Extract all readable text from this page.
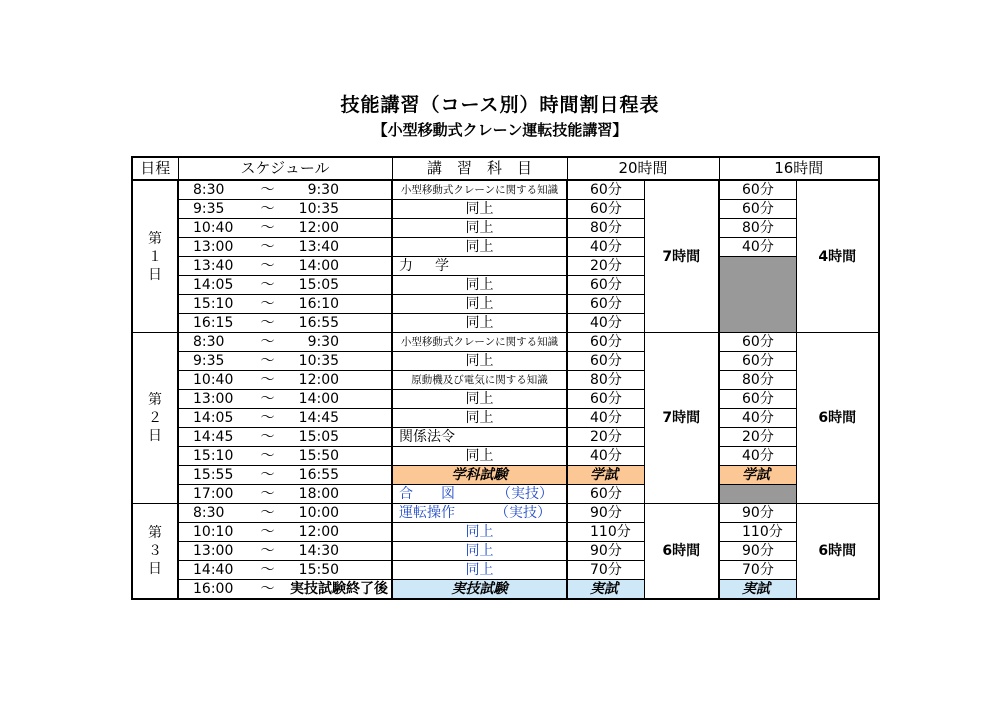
技能講習（コース別）時間割日程表
【小型移動式クレーン運転技能講習】
日程	スケジュール			講　習　科　目	20時間		16時間	
第１日	8:30	～	9:30	小型移動式クレーンに関する知識	60分	7時間	60分	4時間
	9:35	～	10:35	同上	60分		60分	
	10:40	～	12:00	同上	80分		80分	
	13:00	～	13:40	同上	40分		40分	
	13:40	～	14:00	力 学	20分			
	14:05	～	15:05	同上	60分			
	15:10	～	16:10	同上	60分			
	16:15	～	16:55	同上	40分			
第２日	8:30	～	9:30	小型移動式クレーンに関する知識	60分	7時間	60分	6時間
	9:35	～	10:35	同上	60分		60分	
	10:40	～	12:00	原動機及び電気に関する知識	80分		80分	
	13:00	～	14:00	同上	60分		60分	
	14:05	～	14:45	同上	40分		40分	
	14:45	～	15:05	関係法令	20分		20分	
	15:10	～	15:50	同上	40分		40分	
	15:55	～	16:55	学科試験	学試		学試	
	17:00	～	18:00	合　　図 （実技）	60分			
第３日	8:30	～	10:00	運転操作 （実技）	90分	6時間	90分	6時間
	10:10	～	12:00	同上	110分		110分	
	13:00	～	14:30	同上	90分		90分	
	14:40	～	15:50	同上	70分		70分	
	16:00	～	実技試験終了後	実技試験	実試		実試	
